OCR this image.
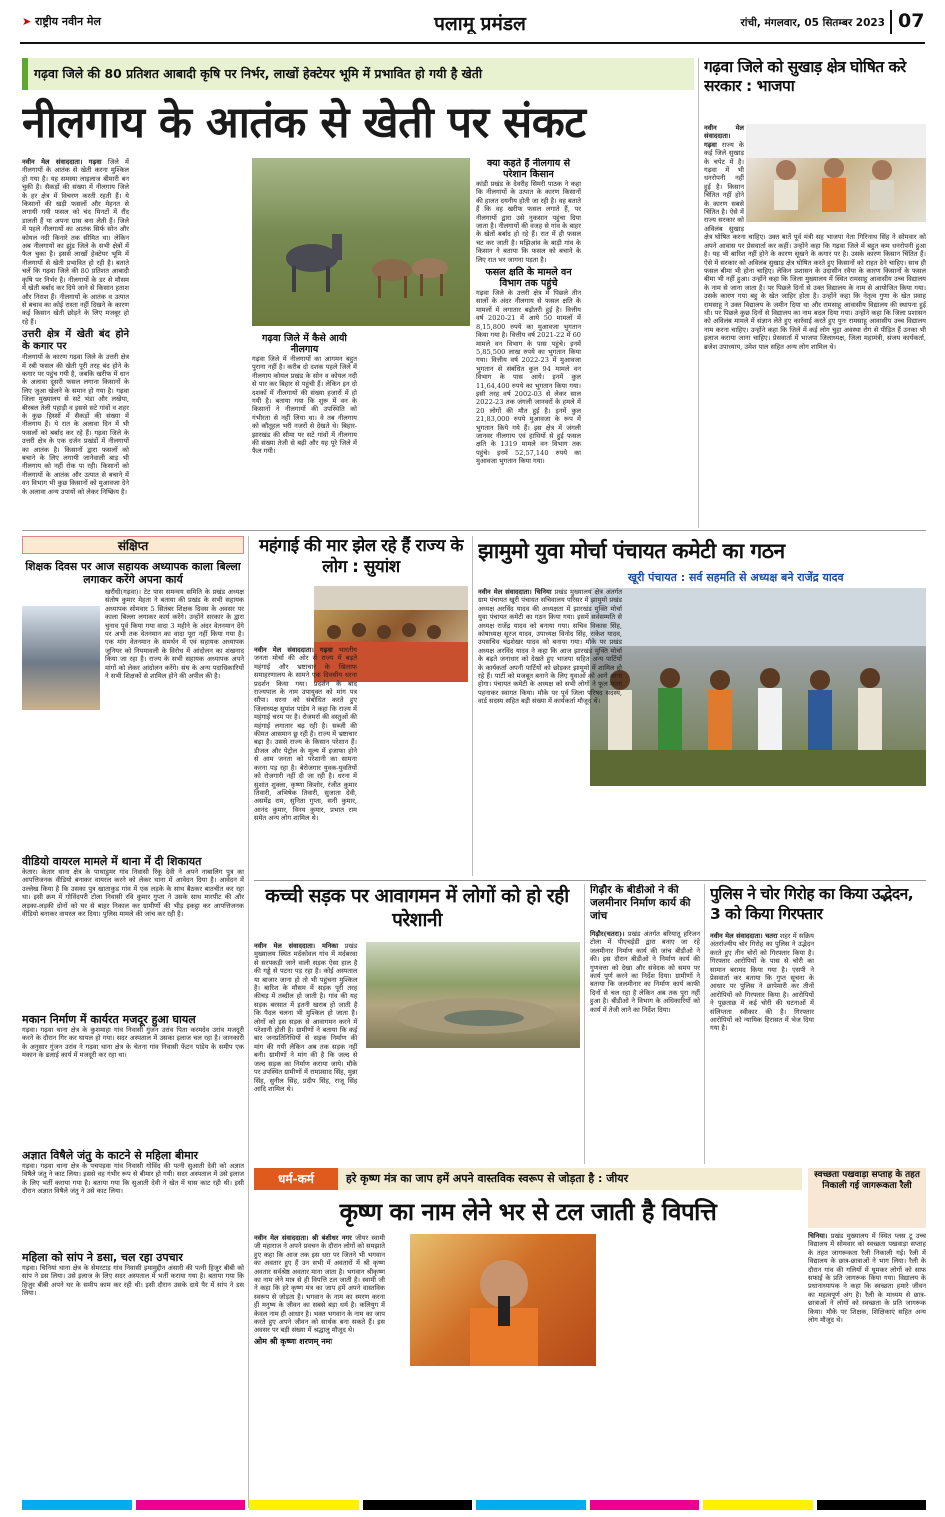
➤ राष्ट्रीय नवीन मेल	पलामू प्रमंडल	रांची, मंगलवार, 05 सितम्बर 2023 07
गढ़वा जिले की 80 प्रतिशत आबादी कृषि पर निर्भर, लाखों हेक्टेयर भूमि में प्रभावित हो गयी है खेती
नीलगाय के आतंक से खेती पर संकट
नवीन मेल संवाददाता। गढ़वा जिले में नीलगायों के आतंक से खेती करना मुश्किल हो गया है। यह समस्या लाइलाज बीमारी बन चुकी है। सैकड़ों की संख्या में नीलगाय जिले के हर क्षेत्र में विचरण करती रहती हैं। ये किसानों की खड़ी फसलों और मेहनत से लगायी गयी फसल को चंद मिनटों में रौंद डालती हैं या अपना ग्रास बना लेती हैं। जिले में पहले नीलगायों का आतंक सिर्फ सोन और कोयल नदी किनारे तक सीमित था। लेकिन अब नीलगायों का झुंड जिले के सभी क्षेत्रों में फैल चुका है। इससे लाखों हेक्टेयर भूमि में नीलगायों से खेती प्रभावित हो रही है। बताते चलें कि गढ़वा जिले की 80 प्रतिशत आबादी कृषि पर निर्भर है। नीलगायों के डर से मौसम में खेती बर्बाद कर दिये जाने से किसान हताश और निराश हैं। नीलगायों के आतंक व उत्पात से बचाव का कोई रास्ता नहीं दिखने के कारण कई किसान खेती छोड़ने के लिए मजबूर हो रहे हैं।
उत्तरी क्षेत्र में खेती बंद होने के कगार पर
नीलगायों के कारण गढ़वा जिले के उत्तरी क्षेत्र में रबी फसल की खेती पूरी तरह बंद होने के कगार पर पहुंच गयी है, जबकि खरीफ में धान के अलावा दूसरी फसल लगाना किसानों के लिए जुआ खेलने के समान हो गया है। गढ़वा जिला मुख्यालय से सटे भंडा और लखेया, बीरबल तेली पहाड़ी व इससे सटे गांवों व शहर के कुछ हिस्सों में सैकड़ों की संख्या में नीलगाय हैं। ये रात के अलावा दिन में भी फसलों को बर्बाद कर रहे हैं। गढ़वा जिले के उत्तरी क्षेत्र के एक दर्जन प्रखंडों में नीलगायों का आतंक है। किसानों द्वारा फसलों को बचाने के लिए लगायी जानेवाली बाड़ भी नीलगाय को नहीं रोक पा रही। किसानों को नीलगायों के आतंक और उत्पात से बचाने में वन विभाग भी कुछ किसानों को मुआवजा देने के अलावा अन्य उपायों को लेकर निष्क्रिय है।
गढ़वा जिले में कैसे आयी नीलगाय
गढ़वा जिले में नीलगायों का आगमन बहुत पुराना नहीं है। करीब दो दशक पहले जिले में नीलगाय कोयल प्रखंड के सोन व कोयल नदी से पार कर बिहार से पहुंची हैं। लेकिन इन दो दशकों में नीलगायों की संख्या हजारों में हो गयी है। बताया गया कि शुरू में वन के किसानों ने नीलगायों की उपस्थिति को गंभीरता से नहीं लिया था। वे तब नीलगाय को कौतूहल भरी नजरों से देखते थे। बिहार-झारखंड की सीमा पर सटे गांवों में नीलगाय की संख्या तेजी से बढ़ी और यह पूरे जिले में फैल गयी।
क्या कहते हैं नीलगाय से परेशान किसान
कांडी प्रखंड के देवरीह सिमरी पाठक ने कहा कि नीलगायों के उत्पात के कारण किसानों की हालत दयनीय होती जा रही है। वह बताते हैं कि वह खरीफ फसल लगाते हैं, पर नीलगायों द्वारा उसे नुकसान पहुंचा दिया जाता है। नीलगायों की वजह से गांव के बाहर के खेतों बर्बाद हो रहे हैं। रात में ही फसल चट कर जाती है। मझिआंव के बाड़ी गांव के किसान ने बताया कि फसल को बचाने के लिए रात भर जागना पड़ता है।
फसल क्षति के मामले वन विभाग तक पहुंचे
गढ़वा जिले के उत्तरी क्षेत्र में पिछले तीन सालों के अंदर नीलगाय से फसल क्षति के मामलों में लगातार बढ़ोतरी हुई है। वित्तीय वर्ष 2020-21 में आये 50 मामलों में 8,15,800 रुपये का मुआवजा भुगतान किया गया है। वित्तीय वर्ष 2021-22 में 60 मामले वन विभाग के पास पहुंचे। इनमें 5,85,500 लाख रुपये का भुगतान किया गया। वित्तीय वर्ष 2022-23 में मुआवजा भुगतान से संबंधित कुल 94 मामले वन विभाग के पास आये। इनमें कुल 11,64,400 रुपये का भुगतान किया गया। इसी तरह वर्ष 2002-03 से लेकर साल 2022-23 तक जंगली जानवरों के हमले में 20 लोगों की मौत हुई है। इनमें कुल 21,83,000 रुपये मुआवजा के रूप में भुगतान किये गये हैं। इस क्षेत्र में जंगली जानवर नीलगाय एवं हाथियों से हुई फसल क्षति के 1319 मामले वन विभाग तक पहुंचे। इनमें 52,57,140 रुपये का मुआवजा भुगतान किया गया।
गढ़वा जिले को सुखाड़ क्षेत्र घोषित करे सरकार : भाजपा
नवीन मेल संवाददाता। गढ़वा राज्य के कई जिले सुखाड़ के चपेट में है। गढ़वा में भी धनरोपनी नहीं हुई है। किसान चिंतित नहीं होने के कारण सबसे चिंतित है। ऐसे में राज्य सरकार को अविलंब सुखाड़ क्षेत्र घोषित करना चाहिए। उक्त बातें पूर्व मंत्री सह भाजपा नेता गिरिनाथ सिंह ने सोमवार को अपने आवास पर प्रेसवार्ता कर कहीं। उन्होंने कहा कि गढ़वा जिले में बहुत कम धनरोपनी हुआ है। यह भी बारिश नहीं होने के कारण सूखने के कगार पर है। उसके कारण किसान चिंतित हैं। ऐसे में सरकार को अविलंब सुखाड़ क्षेत्र घोषित करते हुए किसानों को राहत देने चाहिए। साथ ही फसल बीमा भी होना चाहिए। लेकिन प्रशासन के उदासीन रवैया के कारण किसानों के फसल बीमा भी नहीं हुआ। उन्होंने कहा कि जिला मुख्यालय में स्थित रामसाहू आवासीय उच्च विद्यालय के नाम से जाना जाता है। पर पिछले दिनों से उक्त विद्यालय के नाम से आयोजित किया गया। उसके कारण गया बहु के खेत जाहिर होता है। उन्होंने कहा कि नेतृत्व गुणा के खेत प्रवाह रामसाहू ने उक्त विद्यालय के जमीन दिया था और रामसाहू आवासीय विद्यालय की स्थापना हुई थी। पर पिछले कुछ दिनों से विद्यालय का नाम बदल दिया गया। उन्होंने कहा कि जिला प्रशासन को अविलंब मामले में संज्ञान लेते हुए कार्रवाई करते हुए पुनः रामसाहू आवासीय उच्च विद्यालय नाम करना चाहिए। उन्होंने कहा कि जिले में कई लोग चुहा अवस्था रोग से पीड़ित हैं उनका भी इलाज कराया जाना चाहिए। प्रेसवार्ता में भाजपा जिलाध्यक्ष, जिला महामंत्री, संजय कार्यकर्ता, ब्रजेश उपाध्याय, उमेश पाल सहित अन्य लोग शामिल थे।
संक्षिप्त
शिक्षक दिवस पर आज सहायक अध्यापक काला बिल्ला लगाकर करेंगे अपना कार्य
खरौंधी(गढ़वा)। टेट पास समन्वय समिति के प्रखंड अध्यक्ष संतोष कुमार मेहता ने बताया की प्रखंड के सभी सहायक अध्यापक सोमवार 5 सितंबर शिक्षक दिवस के अवसर पर काला बिल्ला लगाकर कार्य करेंगे। उन्होंने सरकार के द्वारा चुनाव पूर्व किया गया वादा 3 महीने के अंदर वेतनमान देंगे पर अभी तक वेतनमान का वादा पूरा नहीं किया गया है। एक मांग वेतनमान के समर्थन में एवं सहायक अध्यापक जूनियर को नियमावली के विरोध में आंदोलन का शंखनाद किया जा रहा है। राज्य के सभी सहायक अध्यापक अपने मांगों को लेकर आंदोलन करेंगे। संघ के अन्य पदाधिकारियों ने सभी शिक्षकों से शामिल होने की अपील की है।
वीडियो वायरल मामले में थाना में दी शिकायत
केतार। केतार थाना क्षेत्र के पाथाडुमर गांव निवासी रिंकू देवी ने अपने नाबालिग पुत्र का आपत्तिजनक वीडियो बनाकर वायरल करने को लेकर थाना में आवेदन दिया है। आवेदन में उल्लेख किया है कि उसका पुत्र खाताकुड गांव में एक लड़के के साथ बैठकर बातचीत कर रहा था। इसी क्रम में गोविंदपरी टोला निवासी रवि कुमार गुप्ता ने उसके साथ मारपीट की और लड़का-लड़की दोनों को घर से बाहर निकाल कर ग्रामीणों की भीड़ इकट्ठा कर आपत्तिजनक वीडियो बनाकर वायरल कर दिया। पुलिस मामले की जांच कर रही है।
मकान निर्माण में कार्यरत मजदूर हुआ घायल
गढ़वा। गढ़वा थाना क्षेत्र के कुशमाहा गांव निवासी गुंजन उरांव पिता करमदेव उरांव मजदूरी करने के दौरान गिर कर घायल हो गया। सदर अस्पताल में उसका इलाज चल रहा है। जानकारी के अनुसार गुंजन उरांव ने गढ़वा थाना क्षेत्र के चेतना गांव निवासी फेंटन पांडेय के समीप एक मकान के ढलाई कार्य में मजदूरी कर रहा था।
अज्ञात विषैले जंतु के काटने से महिला बीमार
गढ़वा। गढ़वा थाना क्षेत्र के पचपड़वा गांव निवासी गोविंद की पत्नी सुआती देवी को अज्ञात विषैले जंतु ने काट लिया। इससे वह गंभीर रूप से बीमार हो गयी। सदर अस्पताल में उसे इलाज के लिए भर्ती कराया गया है। बताया गया कि सुआती देवी ने खेत में घास काट रही थी। इसी दौरान अज्ञात विषैले जंतु ने उसे काट लिया।
महिला को सांप ने डसा, चल रहा उपचार
गढ़वा। चिनियां थाना क्षेत्र के सेमरटाड़ गांव निवासी इमामुद्दीन अंसारी की पत्नी हिजुर बीबी को सांप ने डस लिया। उसे इलाज के लिए सदर अस्पताल में भर्ती कराया गया है। बताया गया कि हिजुर बीबी अपने घर के समीप काम कर रही थी। इसी दौरान उसके दाये पैर में सांप ने डस लिया।
महंगाई की मार झेल रहे हैं राज्य के लोग : सुयांश
नवीन मेल संवाददाता। गढ़वा भारतीय जनता मोर्चा की ओर से राज्य में बढ़ते महंगाई और भ्रष्टाचार के खिलाफ समाहरणालय के सामने एक दिवसीय धरना प्रदर्शन किया गया। प्रदर्शन के बाद राज्यपाल के नाम उपायुक्त को मांग पत्र सौंपा। धरना को संबोधित करते हुए जिलाध्यक्ष सुयांश पांडेय ने कहा कि राज्य में महंगाई चरम पर है। रोजमर्रा की वस्तुओं की महंगाई लगातार बढ़ रही है। सब्जी की कीमत आसमान छू रही है। राज्य में भ्रष्टाचार बढ़ा है। उससे राज्य के किसान परेशान हैं। डीजल और पेट्रोल के मूल्य में इजाफा होने से आम जनता को परेशानी का सामना करना पड़ रहा है। बेरोजगार युवक-युवतियों को रोजगारी नहीं दी जा रही है। धरना में सुशांत शुक्ला, कृष्णा किशोर, रंजीत कुमार तिवारी, अभिषेक तिवारी, सुजाता देवी, असमेंद्र राम, सुनिता गुप्ता, सनी कुमार, आनंद कुमार, विनय कुमार, प्रभात राम समेत अन्य लोग शामिल थे।
झामुमो युवा मोर्चा पंचायत कमेटी का गठन
खूरी पंचायत : सर्व सहमति से अध्यक्ष बने राजेंद्र यादव
नवीन मेल संवाददाता। चिनिया प्रखंड मुख्यालय क्षेत्र अंतर्गत ग्राम पंचायत खूरी पंचायत सचिवालय परिसर में झामुमो प्रखंड अध्यक्ष अरविंद यादव की अध्यक्षता में झारखंड मुक्ति मोर्चा युवा पंचायत कमेटी का गठन किया गया। इसमें सर्वसम्मति से अध्यक्ष राजेंद्र यादव को बनाया गया। सचिव विकास सिंह, कोषाध्यक्ष सूरज यादव, उपाध्यक्ष विनोद सिंह, राकेश यादव, उपसचिव चंद्रशेखर यादव को बनाया गया। मौके पर प्रखंड अध्यक्ष अरविंद यादव ने कहा कि आज झारखंड मुक्ति मोर्चा के बढ़ते जनाधार को देखते हुए भाजपा सहित अन्य पार्टियों के कार्यकर्ता अपनी पार्टियों को छोड़कर झामुमो में शामिल हो रहे हैं। पार्टी को मजबूत बनाने के लिए युवाओं को आगे आना होगा। पंचायत कमेटी के अध्यक्ष को सभी लोगों ने फूल माला पहनाकर स्वागत किया। मौके पर पूर्व जिला परिषद सदस्य, वार्ड सदस्य सहित बड़ी संख्या में कार्यकर्ता मौजूद थे।
कच्ची सड़क पर आवागमन में लोगों को हो रही परेशानी
नवीन मेल संवाददाता। मनिका प्रखंड मुख्यालय स्थित मर्दकोवल गांव में मर्दबरवा से सरपकड़ी जाने वाली सड़क ऐसा हाल है की गड्ढे से पटना पड़ रहा है। कोई अस्पताल या बाजार जाना हो तो भी पहुंचना मुश्किल है। बारिश के मौसम में सड़क पूरी तरह कीचड़ में तब्दील हो जाती है। गांव की यह सड़क बरसात में इतनी खराब हो जाती है कि पैदल चलना भी मुश्किल हो जाता है। लोगों को इस सड़क से आवागमन करने में परेशानी होती है। ग्रामीणों ने बताया कि कई बार जनप्रतिनिधियों से सड़क निर्माण की मांग की गयी लेकिन अब तक सड़क नहीं बनी। ग्रामीणों ने मांग की है कि जल्द से जल्द सड़क का निर्माण कराया जाये। मौके पर उपस्थित ग्रामीणों में रामप्रसाद सिंह, मुन्ना सिंह, सुनील सिंह, प्रदीप सिंह, राजू सिंह आदि शामिल थे।
गिढ़ौर के बीडीओ ने की जलमीनार निर्माण कार्य की जांच
गिढ़ौर(चतरा)। प्रखंड अंतर्गत बरियातू हरिजन टोला में पीएचईडी द्वारा बनाए जा रहे जलमीनार निर्माण कार्य की जांच बीडीओ ने की। इस दौरान बीडीओ ने निर्माण कार्य की गुणवत्ता को देखा और संवेदक को समय पर कार्य पूर्ण करने का निर्देश दिया। ग्रामीणों ने बताया कि जलमीनार का निर्माण कार्य काफी दिनों से चल रहा है लेकिन अब तक पूरा नहीं हुआ है। बीडीओ ने विभाग के अधिकारियों को कार्य में तेजी लाने का निर्देश दिया।
पुलिस ने चोर गिरोह का किया उद्भेदन, 3 को किया गिरफ्तार
नवीन मेल संवाददाता। चतरा शहर में सक्रिय अंतर्राज्यीय चोर गिरोह का पुलिस ने उद्भेदन करते हुए तीन चोरों को गिरफ्तार किया है। गिरफ्तार आरोपियों के पास से चोरी का सामान बरामद किया गया है। एसपी ने प्रेसवार्ता कर बताया कि गुप्त सूचना के आधार पर पुलिस ने छापेमारी कर तीनों आरोपियों को गिरफ्तार किया है। आरोपियों ने पूछताछ में कई चोरी की घटनाओं में संलिप्तता स्वीकार की है। गिरफ्तार आरोपियों को न्यायिक हिरासत में भेज दिया गया है।
धर्म-कर्म	हरे कृष्ण मंत्र का जाप हमें अपने वास्तविक स्वरूप से जोड़ता है : जीयर	स्वच्छता पखवाड़ा सप्ताह के तहत निकाली गई जागरूकता रैली
चिनिया। प्रखंड मुख्यालय में स्थित प्लस टू उच्च विद्यालय में सोमवार को स्वच्छता पखवाड़ा सप्ताह के तहत जागरूकता रैली निकाली गई। रैली में विद्यालय के छात्र-छात्राओं ने भाग लिया। रैली के दौरान गांव की गलियों में घूमकर लोगों को साफ सफाई के प्रति जागरूक किया गया। विद्यालय के प्रधानाध्यापक ने कहा कि स्वच्छता हमारे जीवन का महत्वपूर्ण अंग है। रैली के माध्यम से छात्र-छात्राओं ने लोगों को स्वच्छता के प्रति जागरूक किया। मौके पर शिक्षक, शिक्षिकाएं सहित अन्य लोग मौजूद थे।
कृष्ण का नाम लेने भर से टल जाती है विपत्ति
नवीन मेल संवाददाता। श्री बंशीधर नगर जीयर स्वामी जी महाराज ने अपने प्रवचन के दौरान लोगों को समझाते हुए कहा कि आज तक इस धरा पर जितने भी भगवान का अवतार हुए हैं उन सभी में अवतारों में श्री कृष्ण अवतार सर्वश्रेष्ठ अवतार माना जाता है। भगवान श्रीकृष्ण का नाम लेने मात्र से ही विपत्ति टल जाती है। स्वामी जी ने कहा कि हरे कृष्ण मंत्र का जाप हमें अपने वास्तविक स्वरूप से जोड़ता है। भगवान के नाम का स्मरण करना ही मनुष्य के जीवन का सबसे बड़ा धर्म है। कलियुग में केवल नाम ही आधार है। भक्त भगवान के नाम का जाप करते हुए अपने जीवन को सार्थक बना सकते हैं। इस अवसर पर बड़ी संख्या में श्रद्धालु मौजूद थे।
ओम श्री कृष्णः शरणम् नमः
